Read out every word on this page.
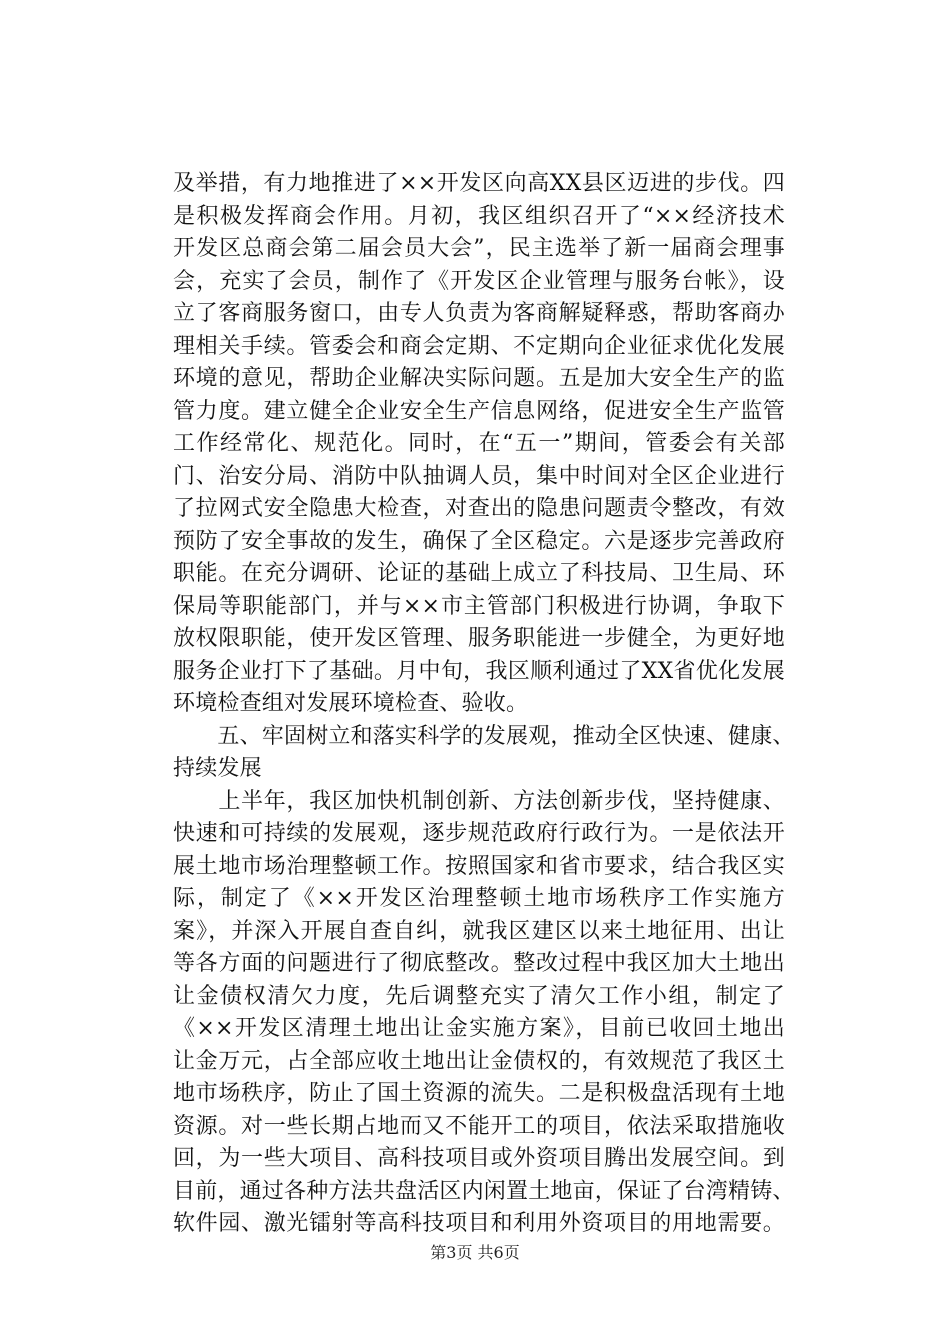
及举措，有力地推进了××开发区向高XX县区迈进的步伐。四
是积极发挥商会作用。月初，我区组织召开了“××经济技术
开发区总商会第二届会员大会”，民主选举了新一届商会理事
会，充实了会员，制作了《开发区企业管理与服务台帐》，设
立了客商服务窗口，由专人负责为客商解疑释惑，帮助客商办
理相关手续。管委会和商会定期、不定期向企业征求优化发展
环境的意见，帮助企业解决实际问题。五是加大安全生产的监
管力度。建立健全企业安全生产信息网络，促进安全生产监管
工作经常化、规范化。同时，在“五一”期间，管委会有关部
门、治安分局、消防中队抽调人员，集中时间对全区企业进行
了拉网式安全隐患大检查，对查出的隐患问题责令整改，有效
预防了安全事故的发生，确保了全区稳定。六是逐步完善政府
职能。在充分调研、论证的基础上成立了科技局、卫生局、环
保局等职能部门，并与××市主管部门积极进行协调，争取下
放权限职能，使开发区管理、服务职能进一步健全，为更好地
服务企业打下了基础。月中旬，我区顺利通过了XX省优化发展
环境检查组对发展环境检查、验收。
　　五、牢固树立和落实科学的发展观，推动全区快速、健康、
持续发展
　　上半年，我区加快机制创新、方法创新步伐，坚持健康、
快速和可持续的发展观，逐步规范政府行政行为。一是依法开
展土地市场治理整顿工作。按照国家和省市要求，结合我区实
际，制定了《××开发区治理整顿土地市场秩序工作实施方
案》，并深入开展自查自纠，就我区建区以来土地征用、出让
等各方面的问题进行了彻底整改。整改过程中我区加大土地出
让金债权清欠力度，先后调整充实了清欠工作小组，制定了
《××开发区清理土地出让金实施方案》，目前已收回土地出
让金万元，占全部应收土地出让金债权的，有效规范了我区土
地市场秩序，防止了国土资源的流失。二是积极盘活现有土地
资源。对一些长期占地而又不能开工的项目，依法采取措施收
回，为一些大项目、高科技项目或外资项目腾出发展空间。到
目前，通过各种方法共盘活区内闲置土地亩，保证了台湾精铸、
软件园、激光镭射等高科技项目和利用外资项目的用地需要。
第3页 共6页
